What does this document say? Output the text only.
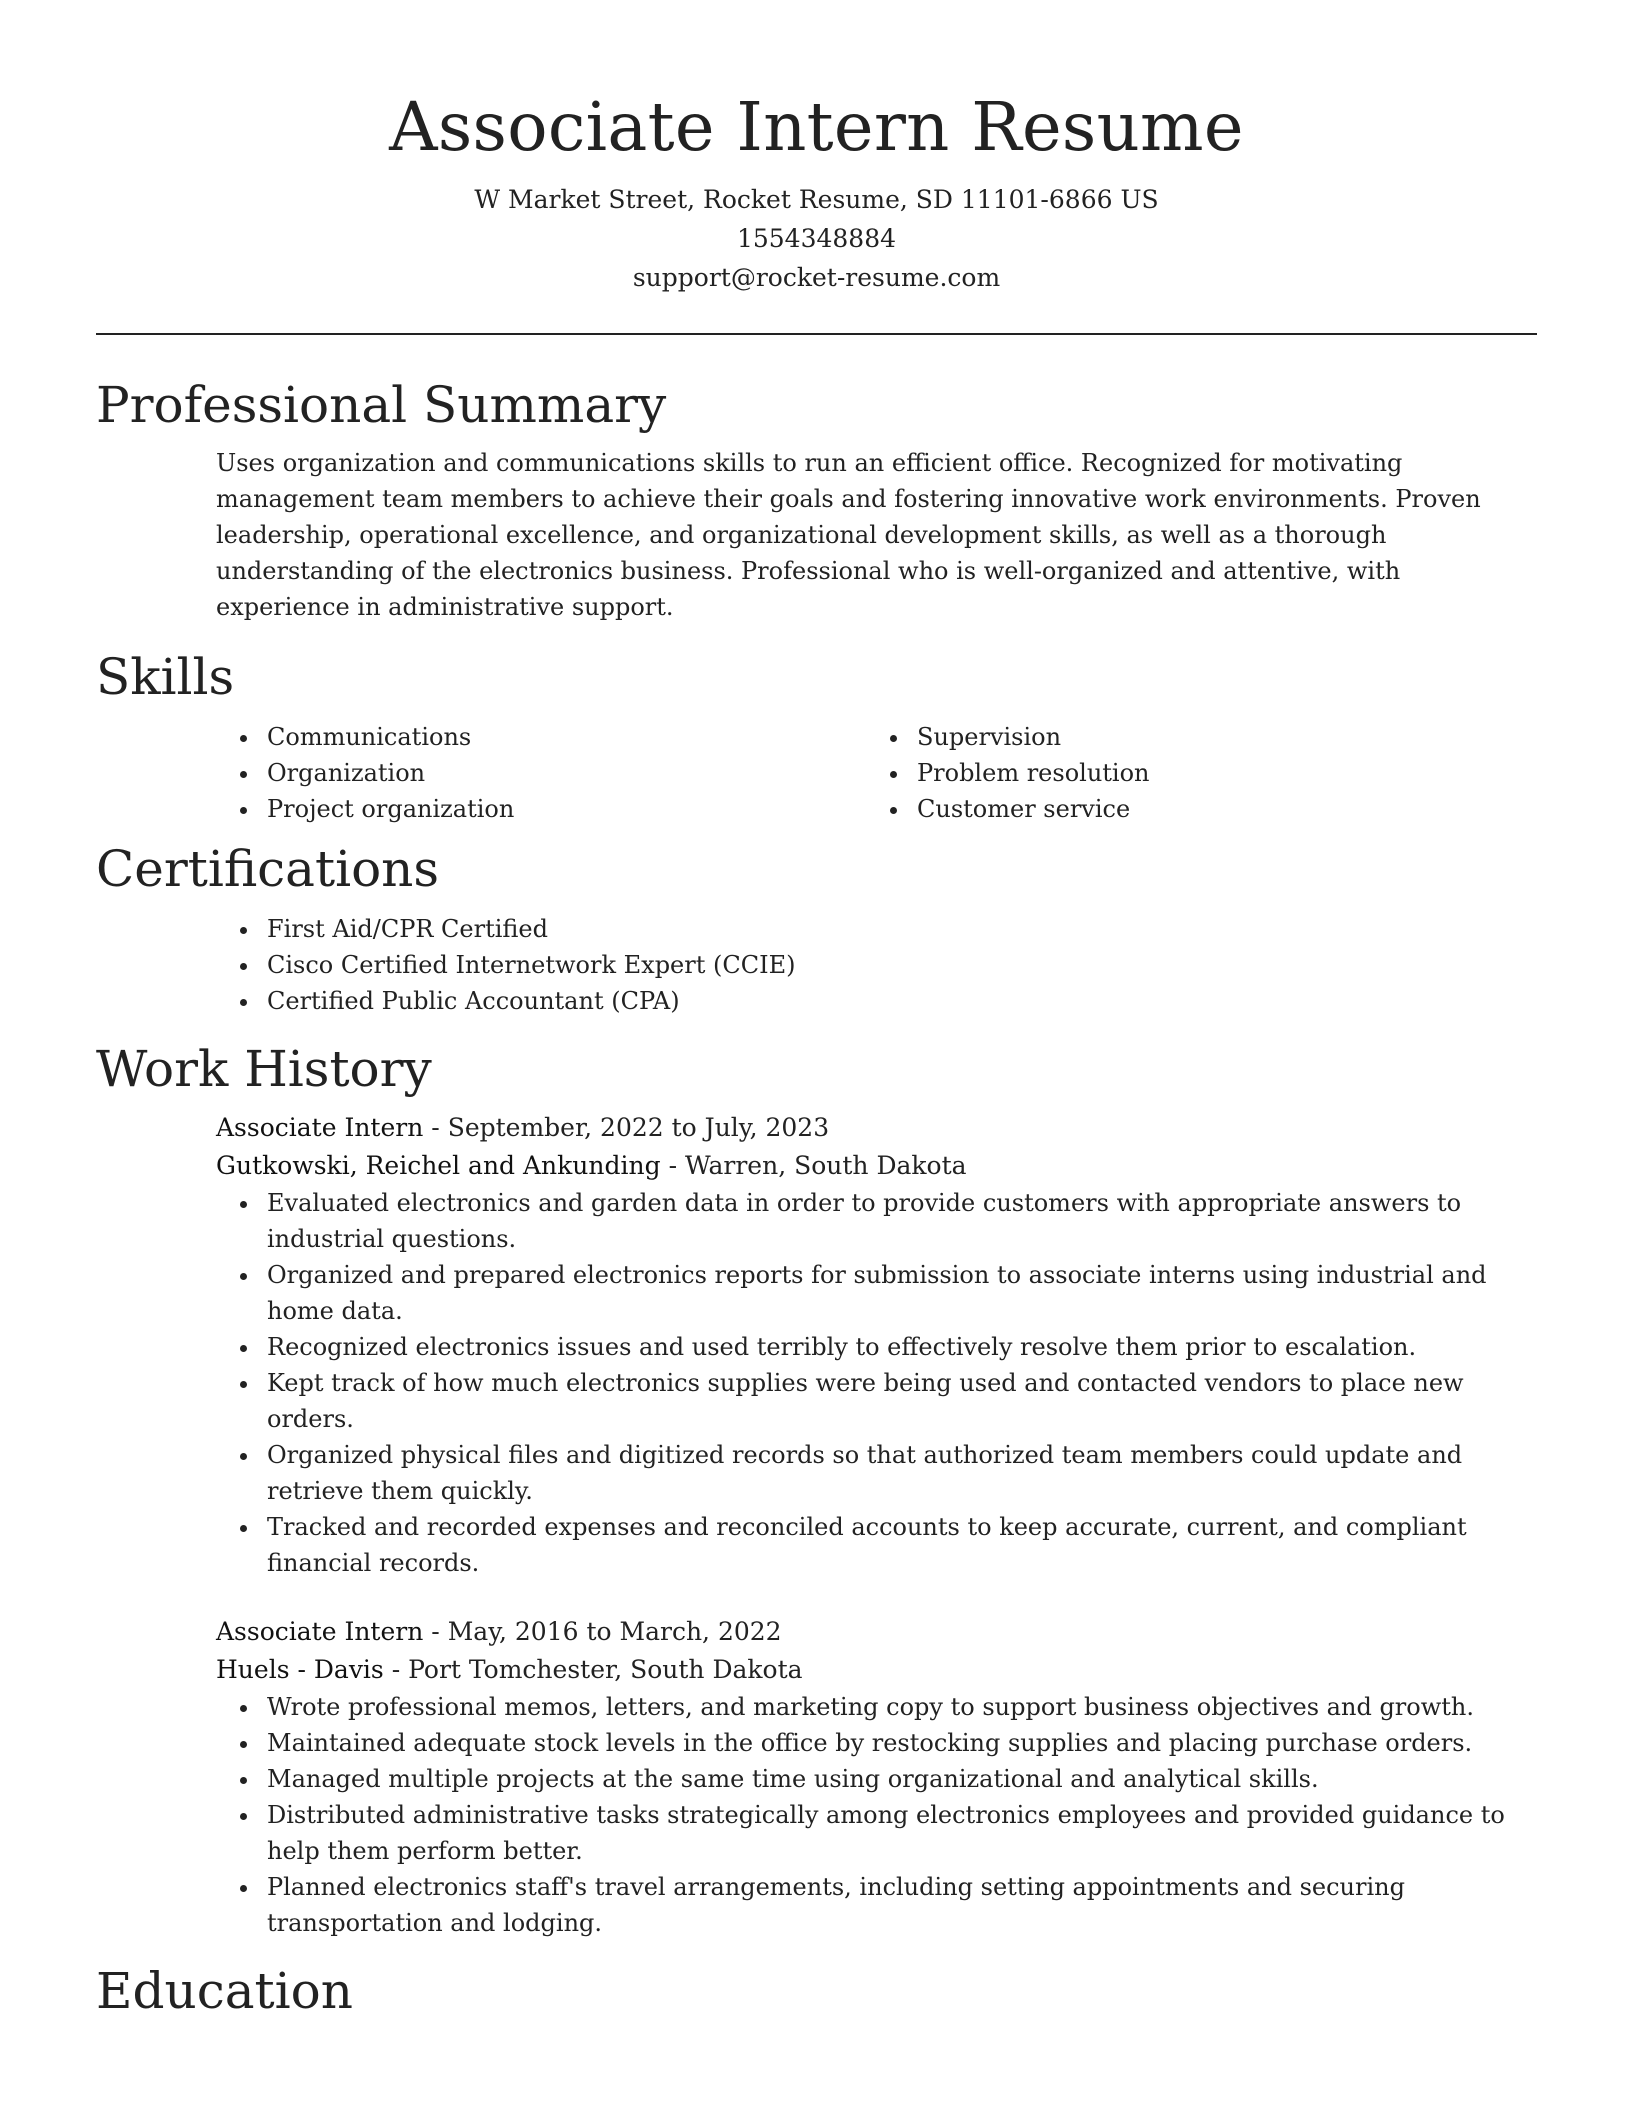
Associate Intern Resume
W Market Street, Rocket Resume, SD 11101-6866 US
1554348884
support@rocket-resume.com
Professional Summary

Uses organization and communications skills to run an efficient office. Recognized for motivating management team members to achieve their goals and fostering innovative work environments. Proven leadership, operational excellence, and organizational development skills, as well as a thorough understanding of the electronics business. Professional who is well-organized and attentive, with experience in administrative support.

Skills
• Communications
• Organization
• Project organization
• Supervision
• Problem resolution
• Customer service
Certifications
• First Aid/CPR Certified
• Cisco Certified Internetwork Expert (CCIE)
• Certified Public Accountant (CPA)
Work History
Associate Intern - September, 2022 to July, 2023
Gutkowski, Reichel and Ankunding - Warren, South Dakota
• Evaluated electronics and garden data in order to provide customers with appropriate answers to industrial questions.
• Organized and prepared electronics reports for submission to associate interns using industrial and home data.
• Recognized electronics issues and used terribly to effectively resolve them prior to escalation.
• Kept track of how much electronics supplies were being used and contacted vendors to place new orders.
• Organized physical files and digitized records so that authorized team members could update and retrieve them quickly.
• Tracked and recorded expenses and reconciled accounts to keep accurate, current, and compliant financial records.
Associate Intern - May, 2016 to March, 2022
Huels - Davis - Port Tomchester, South Dakota
• Wrote professional memos, letters, and marketing copy to support business objectives and growth.
• Maintained adequate stock levels in the office by restocking supplies and placing purchase orders.
• Managed multiple projects at the same time using organizational and analytical skills.
• Distributed administrative tasks strategically among electronics employees and provided guidance to help them perform better.
• Planned electronics staff's travel arrangements, including setting appointments and securing transportation and lodging.
Education
